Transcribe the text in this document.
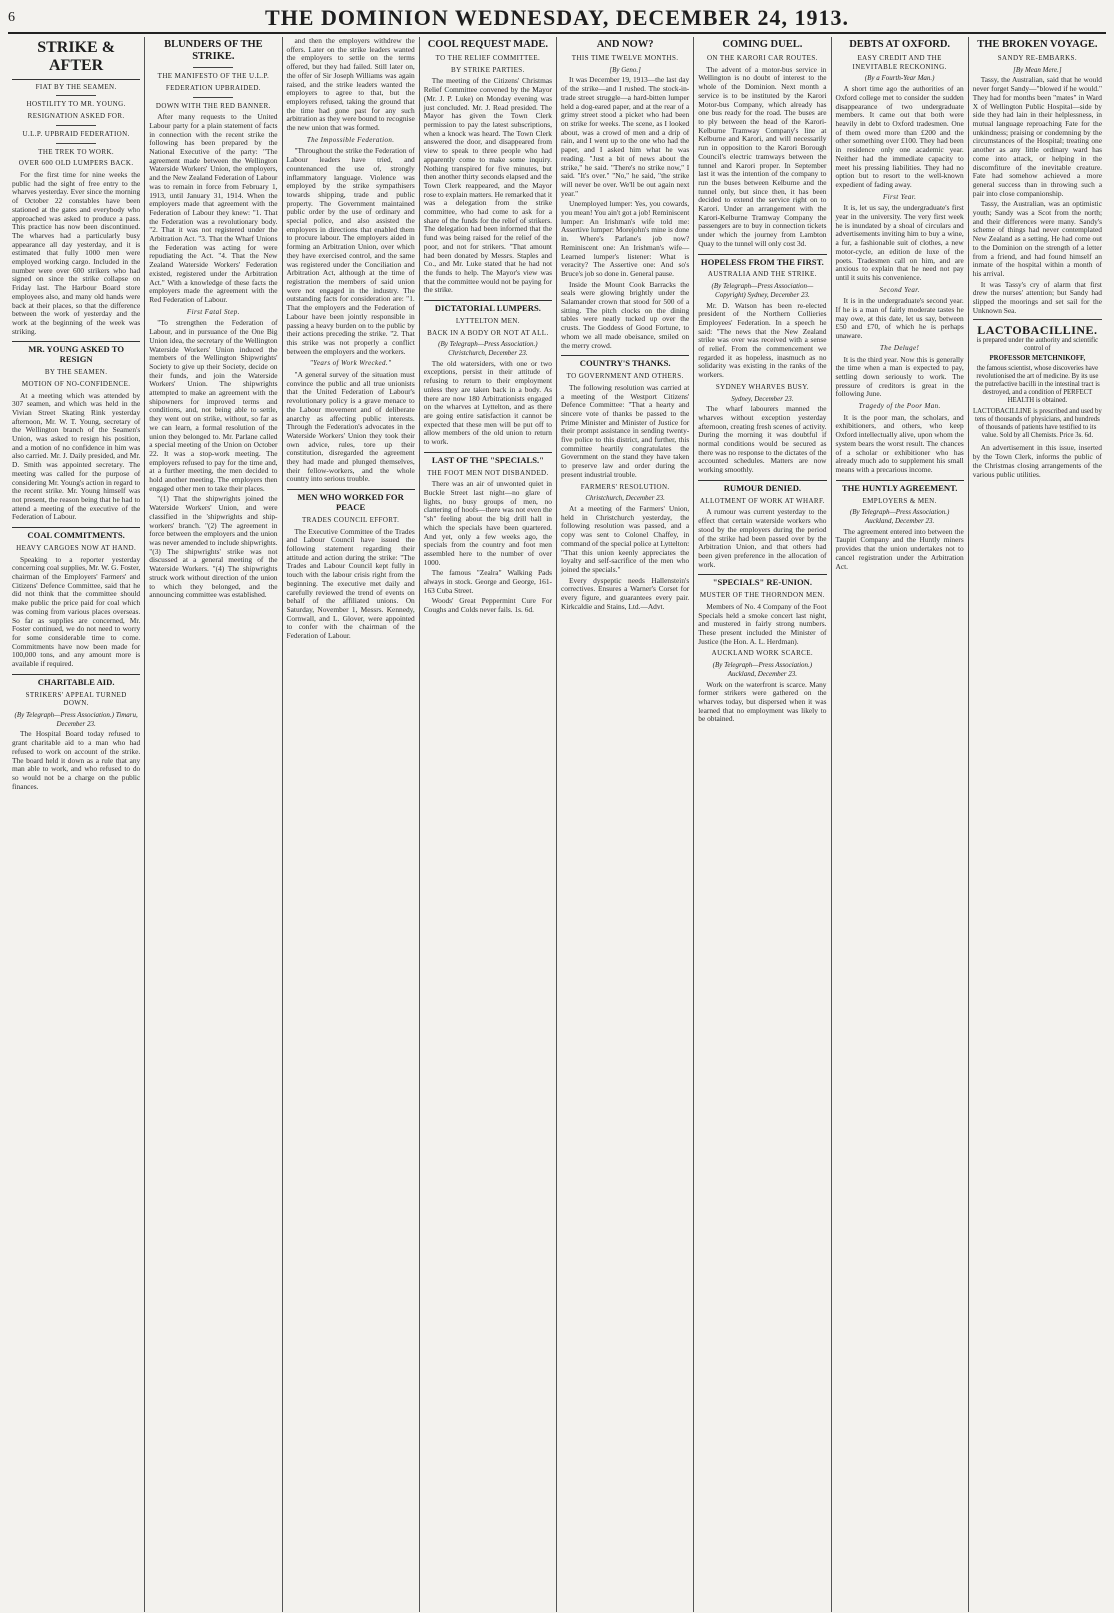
6	THE DOMINION WEDNESDAY, DECEMBER 24, 1913.
STRIKE & AFTER
FIAT BY THE SEAMEN.
HOSTILITY TO MR. YOUNG.
RESIGNATION ASKED FOR.
U.L.P. UPBRAID FEDERATION.
THE TREK TO WORK.
OVER 600 OLD LUMPERS BACK.

For the first time for nine weeks the public had the sight of free entry to the wharves yesterday. Ever since the morning of October 22 constables have been stationed at the gates and everybody who approached was asked to produce a pass. This practice has now been discontinued. The wharves had a particularly busy appearance all day yesterday, and it is estimated that fully 1000 men were employed working cargo. Included in the number were over 600 strikers who had signed on since the strike collapse on Friday last. The Harbour Board store employees also, and many old hands were back at their places, so that the difference between the work of yesterday and the work at the beginning of the week was striking.

MR. YOUNG ASKED TO RESIGN
BY THE SEAMEN.
MOTION OF NO-CONFIDENCE.

At a meeting which was attended by 307 seamen, and which was held in the Vivian Street Skating Rink yesterday afternoon, Mr. W. T. Young, secretary of the Wellington branch of the Seamen's Union, was asked to resign his position, and a motion of no confidence in him was also carried. Mr. J. Daily presided, and Mr. D. Smith was appointed secretary. The meeting was called for the purpose of considering Mr. Young's action in regard to the recent strike. Mr. Young himself was not present, the reason being that he had to attend a meeting of the executive of the Federation of Labour.

COAL COMMITMENTS.
HEAVY CARGOES NOW AT HAND.

Speaking to a reporter yesterday concerning coal supplies, Mr. W. G. Foster, chairman of the Employers' Farmers' and Citizens' Defence Committee, said that he did not think that the committee should make public the price paid for coal which was coming from various places overseas. So far as supplies are concerned, Mr. Foster continued, we do not need to worry for some considerable time to come. Commitments have now been made for 100,000 tons, and any amount more is available if required.

CHARITABLE AID.
STRIKERS' APPEAL TURNED DOWN.
(By Telegraph—Press Association.) Timaru, December 23.

The Hospital Board today refused to grant charitable aid to a man who had refused to work on account of the strike. The board held it down as a rule that any man able to work, and who refused to do so would not be a charge on the public finances.

BLUNDERS OF THE STRIKE.
THE MANIFESTO OF THE U.L.P.
FEDERATION UPBRAIDED.
DOWN WITH THE RED BANNER.

After many requests to the United Labour party for a plain statement of facts in connection with the recent strike the following has been prepared by the National Executive of the party: "The agreement made between the Wellington Waterside Workers' Union, the employers, and the New Zealand Federation of Labour was to remain in force from February 1, 1913, until January 31, 1914. When the employers made that agreement with the Federation of Labour they knew: "1. That the Federation was a revolutionary body. "2. That it was not registered under the Arbitration Act. "3. That the Wharf Unions the Federation was acting for were repudiating the Act. "4. That the New Zealand Waterside Workers' Federation existed, registered under the Arbitration Act." With a knowledge of these facts the employers made the agreement with the Red Federation of Labour.

First Fatal Step.

"To strengthen the Federation of Labour, and in pursuance of the One Big Union idea, the secretary of the Wellington Waterside Workers' Union induced the members of the Wellington Shipwrights' Society to give up their Society, decide on their funds, and join the Waterside Workers' Union. The shipwrights attempted to make an agreement with the shipowners for improved terms and conditions, and, not being able to settle, they went out on strike, without, so far as we can learn, a formal resolution of the union they belonged to. Mr. Parlane called a special meeting of the Union on October 22. It was a stop-work meeting. The employers refused to pay for the time and, at a further meeting, the men decided to hold another meeting. The employers then engaged other men to take their places.

"(1) That the shipwrights joined the Waterside Workers' Union, and were classified in the 'shipwrights and ship-workers' branch. "(2) The agreement in force between the employers and the union was never amended to include shipwrights. "(3) The shipwrights' strike was not discussed at a general meeting of the Waterside Workers. "(4) The shipwrights struck work without direction of the union to which they belonged, and the announcing committee was established.

and then the employers withdrew the offers. Later on the strike leaders wanted the employers to settle on the terms offered, but they had failed. Still later on, the offer of Sir Joseph Williams was again raised, and the strike leaders wanted the employers to agree to that, but the employers refused, taking the ground that the time had gone past for any such arbitration as they were bound to recognise the new union that was formed.

The Impossible Federation.

"Throughout the strike the Federation of Labour leaders have tried, and countenanced the use of, strongly inflammatory language. Violence was employed by the strike sympathisers towards shipping, trade and public property. The Government maintained public order by the use of ordinary and special police, and also assisted the employers in directions that enabled them to procure labour. The employers aided in forming an Arbitration Union, over which they have exercised control, and the same was registered under the Conciliation and Arbitration Act, although at the time of registration the members of said union were not engaged in the industry. The outstanding facts for consideration are: "1. That the employers and the Federation of Labour have been jointly responsible in passing a heavy burden on to the public by their actions preceding the strike. "2. That this strike was not properly a conflict between the employers and the workers.

"Years of Work Wrecked."

"A general survey of the situation must convince the public and all true unionists that the United Federation of Labour's revolutionary policy is a grave menace to the Labour movement and of deliberate anarchy as affecting public interests. Through the Federation's advocates in the Waterside Workers' Union they took their own advice, rules, tore up their constitution, disregarded the agreement they had made and plunged themselves, their fellow-workers, and the whole country into serious trouble.

MEN WHO WORKED FOR PEACE
TRADES COUNCIL EFFORT.

The Executive Committee of the Trades and Labour Council have issued the following statement regarding their attitude and action during the strike: "The Trades and Labour Council kept fully in touch with the labour crisis right from the beginning. The executive met daily and carefully reviewed the trend of events on behalf of the affiliated unions. On Saturday, November 1, Messrs. Kennedy, Cornwall, and L. Glover, were appointed to confer with the chairman of the Federation of Labour.

COOL REQUEST MADE.
TO THE RELIEF COMMITTEE.
BY STRIKE PARTIES.

The meeting of the Citizens' Christmas Relief Committee convened by the Mayor (Mr. J. P. Luke) on Monday evening was just concluded. Mr. J. Read presided. The Mayor has given the Town Clerk permission to pay the latest subscriptions, when a knock was heard. The Town Clerk answered the door, and disappeared from view to speak to three people who had apparently come to make some inquiry. Nothing transpired for five minutes, but then another thirty seconds elapsed and the Town Clerk reappeared, and the Mayor rose to explain matters. He remarked that it was a delegation from the strike committee, who had come to ask for a share of the funds for the relief of strikers. The delegation had been informed that the fund was being raised for the relief of the poor, and not for strikers. "That amount had been donated by Messrs. Staples and Co., and Mr. Luke stated that he had not the funds to help. The Mayor's view was that the committee would not be paying for the strike.

DICTATORIAL LUMPERS.
LYTTELTON MEN.
BACK IN A BODY OR NOT AT ALL.
(By Telegraph—Press Association.) Christchurch, December 23.

The old watersiders, with one or two exceptions, persist in their attitude of refusing to return to their employment unless they are taken back in a body. As there are now 180 Arbitrationists engaged on the wharves at Lyttelton, and as there are going entire satisfaction it cannot be expected that these men will be put off to allow members of the old union to return to work.

LAST OF THE "SPECIALS."
THE FOOT MEN NOT DISBANDED.

There was an air of unwonted quiet in Buckle Street last night—no glare of lights, no busy groups of men, no clattering of hoofs—there was not even the "sh" feeling about the big drill hall in which the specials have been quartered. And yet, only a few weeks ago, the specials from the country and foot men assembled here to the number of over 1000.

The famous "Zealra" Walking Pads always in stock. George and George, 161-163 Cuba Street.

Woods' Great Peppermint Cure For Coughs and Colds never fails. 1s. 6d.

AND NOW?
THIS TIME TWELVE MONTHS.
[By Geno.]

It was December 19, 1913—the last day of the strike—and I rushed. The stock-in-trade street struggle—a hard-bitten lumper held a dog-eared paper, and at the rear of a grimy street stood a picket who had been on strike for weeks. The scene, as I looked about, was a crowd of men and a drip of rain, and I went up to the one who had the paper, and I asked him what he was reading. "Just a bit of news about the strike," he said. "There's no strike now," I said. "It's over." "No," he said, "the strike will never be over. We'll be out again next year."

Unemployed lumper: Yes, you cowards, you mean! You ain't got a job! Reminiscent lumper: An Irishman's wife told me: Assertive lumper: Morejohn's mine is done in. Where's Parlane's job now? Reminiscent one: An Irishman's wife—Learned lumper's listener: What is veracity? The Assertive one: And so's Bruce's job so done in. General pause.

Inside the Mount Cook Barracks the seals were glowing brightly under the Salamander crown that stood for 500 of a sitting. The pitch clocks on the dining tables were neatly tucked up over the crusts. The Goddess of Good Fortune, to whom we all made obeisance, smiled on the merry crowd.

COUNTRY'S THANKS.
TO GOVERNMENT AND OTHERS.

The following resolution was carried at a meeting of the Westport Citizens' Defence Committee: "That a hearty and sincere vote of thanks be passed to the Prime Minister and Minister of Justice for their prompt assistance in sending twenty-five police to this district, and further, this committee heartily congratulates the Government on the stand they have taken to preserve law and order during the present industrial trouble.

FARMERS' RESOLUTION.
Christchurch, December 23.

At a meeting of the Farmers' Union, held in Christchurch yesterday, the following resolution was passed, and a copy was sent to Colonel Chaffey, in command of the special police at Lyttelton: "That this union keenly appreciates the loyalty and self-sacrifice of the men who joined the specials."

Every dyspeptic needs Hallenstein's correctives. Ensures a Warner's Corset for every figure, and guarantees every pair. Kirkcaldie and Stains, Ltd.—Advt.

COMING DUEL.
ON THE KARORI CAR ROUTES.

The advent of a motor-bus service in Wellington is no doubt of interest to the whole of the Dominion. Next month a service is to be instituted by the Karori Motor-bus Company, which already has one bus ready for the road. The buses are to ply between the head of the Karori-Kelburne Tramway Company's line at Kelburne and Karori, and will necessarily run in opposition to the Karori Borough Council's electric tramways between the tunnel and Karori proper. In September last it was the intention of the company to run the buses between Kelburne and the tunnel only, but since then, it has been decided to extend the service right on to Karori. Under an arrangement with the Karori-Kelburne Tramway Company the passengers are to buy in connection tickets under which the journey from Lambton Quay to the tunnel will only cost 3d.

HOPELESS FROM THE FIRST.
AUSTRALIA AND THE STRIKE.
(By Telegraph—Press Association—Copyright) Sydney, December 23.

Mr. D. Watson has been re-elected president of the Northern Collieries Employees' Federation. In a speech he said: "The news that the New Zealand strike was over was received with a sense of relief. From the commencement we regarded it as hopeless, inasmuch as no solidarity was existing in the ranks of the workers.

SYDNEY WHARVES BUSY.
Sydney, December 23.

The wharf labourers manned the wharves without exception yesterday afternoon, creating fresh scenes of activity. During the morning it was doubtful if normal conditions would be secured as there was no response to the dictates of the accounted schedules. Matters are now working smoothly.

RUMOUR DENIED.
ALLOTMENT OF WORK AT WHARF.

A rumour was current yesterday to the effect that certain waterside workers who stood by the employers during the period of the strike had been passed over by the Arbitration Union, and that others had been given preference in the allocation of work.

"SPECIALS" RE-UNION.
MUSTER OF THE THORNDON MEN.

Members of No. 4 Company of the Foot Specials held a smoke concert last night, and mustered in fairly strong numbers. These present included the Minister of Justice (the Hon. A. L. Herdman).

AUCKLAND WORK SCARCE.
(By Telegraph—Press Association.) Auckland, December 23.

Work on the waterfront is scarce. Many former strikers were gathered on the wharves today, but dispersed when it was learned that no employment was likely to be obtained.

DEBTS AT OXFORD.
EASY CREDIT AND THE INEVITABLE RECKONING.
(By a Fourth-Year Man.)

A short time ago the authorities of an Oxford college met to consider the sudden disappearance of two undergraduate members. It came out that both were heavily in debt to Oxford tradesmen. One of them owed more than £200 and the other something over £100. They had been in residence only one academic year. Neither had the immediate capacity to meet his pressing liabilities. They had no option but to resort to the well-known expedient of fading away.

First Year.

It is, let us say, the undergraduate's first year in the university. The very first week he is inundated by a shoal of circulars and advertisements inviting him to buy a wine, a fur, a fashionable suit of clothes, a new motor-cycle, an edition de luxe of the poets. Tradesmen call on him, and are anxious to explain that he need not pay until it suits his convenience.

Second Year.

It is in the undergraduate's second year. If he is a man of fairly moderate tastes he may owe, at this date, let us say, between £50 and £70, of which he is perhaps unaware.

The Deluge!

It is the third year. Now this is generally the time when a man is expected to pay, settling down seriously to work. The pressure of creditors is great in the following June.

Tragedy of the Poor Man.

It is the poor man, the scholars, and exhibitioners, and others, who keep Oxford intellectually alive, upon whom the system bears the worst result. The chances of a scholar or exhibitioner who has already much ado to supplement his small means with a precarious income.

THE HUNTLY AGREEMENT.
EMPLOYERS & MEN.
(By Telegraph—Press Association.) Auckland, December 23.

The agreement entered into between the Taupiri Company and the Huntly miners provides that the union undertakes not to cancel registration under the Arbitration Act.

THE BROKEN VOYAGE.
SANDY RE-EMBARKS.
[By Mean Mere.]

Tassy, the Australian, said that he would never forget Sandy—"blowed if he would." They had for months been "mates" in Ward X of Wellington Public Hospital—side by side they had lain in their helplessness, in mutual language reproaching Fate for the unkindness; praising or condemning by the circumstances of the Hospital; treating one another as any little ordinary ward has come into attack, or helping in the discomfiture of the inevitable creature. Fate had somehow achieved a more general success than in throwing such a pair into close companionship.

Tassy, the Australian, was an optimistic youth; Sandy was a Scot from the north; and their differences were many. Sandy's scheme of things had never contemplated New Zealand as a setting. He had come out to the Dominion on the strength of a letter from a friend, and had found himself an inmate of the hospital within a month of his arrival.

It was Tassy's cry of alarm that first drew the nurses' attention; but Sandy had slipped the moorings and set sail for the Unknown Sea.

LACTOBACILLINE.
is prepared under the authority and scientific control of
PROFESSOR METCHNIKOFF,
the famous scientist, whose discoveries have revolutionised the art of medicine. By its use the putrefactive bacilli in the intestinal tract is destroyed, and a condition of PERFECT HEALTH is obtained.
LACTOBACILLINE is prescribed and used by tens of thousands of physicians, and hundreds of thousands of patients have testified to its value. Sold by all Chemists. Price 3s. 6d.

An advertisement in this issue, inserted by the Town Clerk, informs the public of the Christmas closing arrangements of the various public utilities.
